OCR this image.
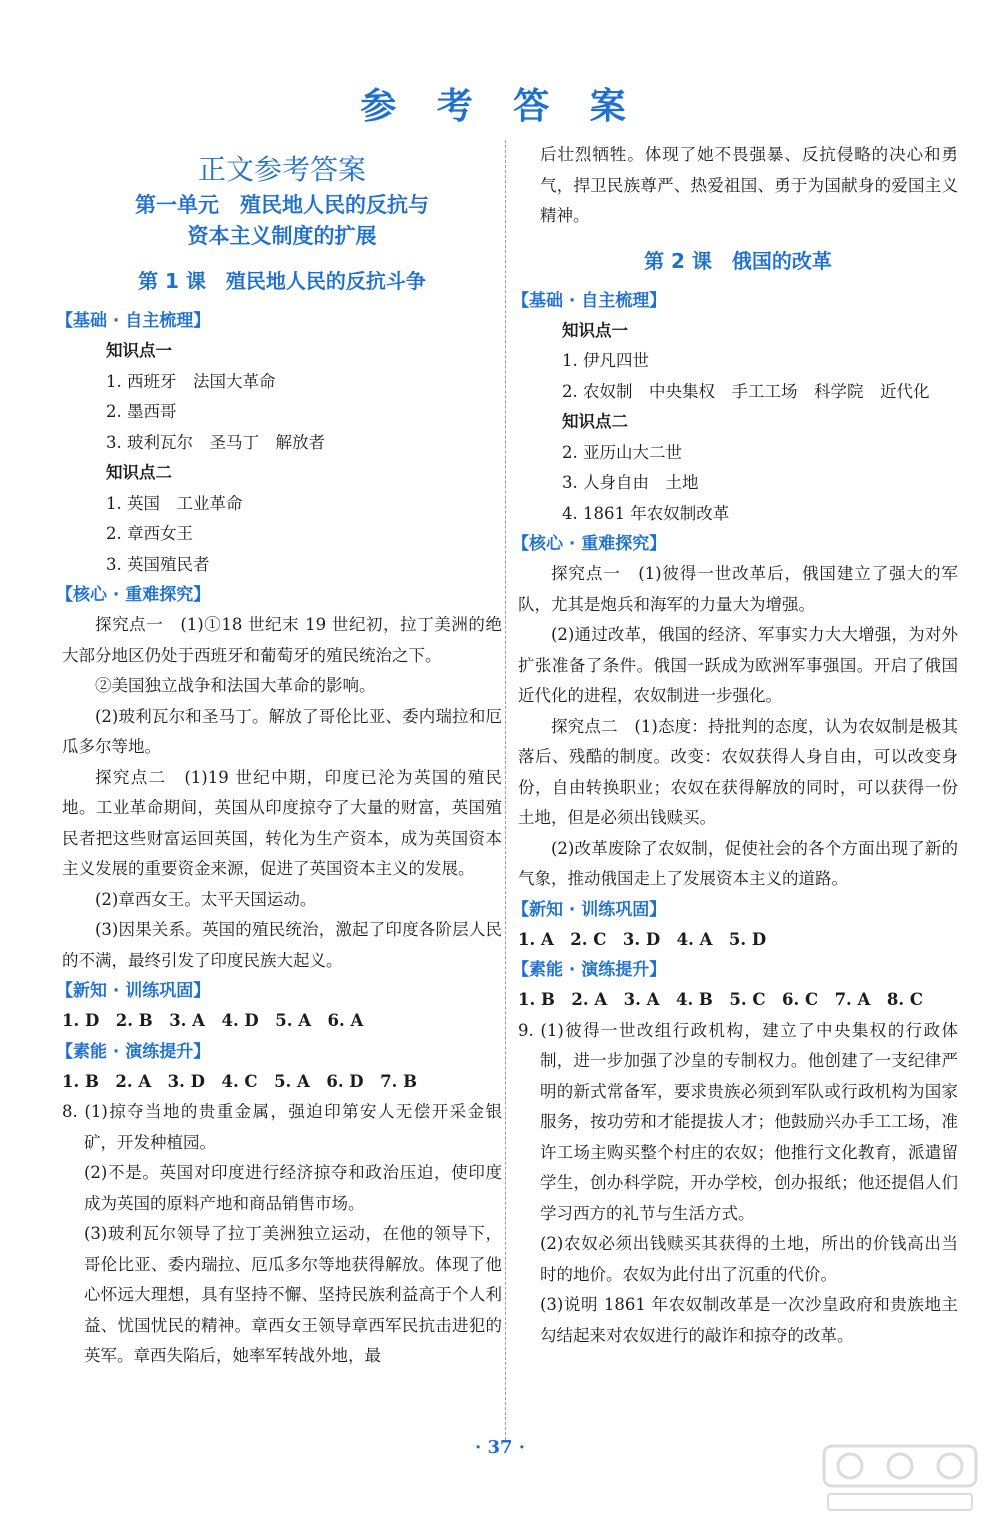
参 考 答 案
正文参考答案
第一单元　殖民地人民的反抗与
资本主义制度的扩展
第 1 课　殖民地人民的反抗斗争
【基础 · 自主梳理】
知识点一
1. 西班牙　法国大革命
2. 墨西哥
3. 玻利瓦尔　圣马丁　解放者
知识点二
1. 英国　工业革命
2. 章西女王
3. 英国殖民者
【核心 · 重难探究】
探究点一　(1)①18 世纪末 19 世纪初，拉丁美洲的绝大部分地区仍处于西班牙和葡萄牙的殖民统治之下。
②美国独立战争和法国大革命的影响。
(2)玻利瓦尔和圣马丁。解放了哥伦比亚、委内瑞拉和厄瓜多尔等地。
探究点二　(1)19 世纪中期，印度已沦为英国的殖民地。工业革命期间，英国从印度掠夺了大量的财富，英国殖民者把这些财富运回英国，转化为生产资本，成为英国资本主义发展的重要资金来源，促进了英国资本主义的发展。
(2)章西女王。太平天国运动。
(3)因果关系。英国的殖民统治，激起了印度各阶层人民的不满，最终引发了印度民族大起义。
【新知 · 训练巩固】
1. D　2. B　3. A　4. D　5. A　6. A
【素能 · 演练提升】
1. B　2. A　3. D　4. C　5. A　6. D　7. B
8. (1)掠夺当地的贵重金属，强迫印第安人无偿开采金银矿，开发种植园。
(2)不是。英国对印度进行经济掠夺和政治压迫，使印度成为英国的原料产地和商品销售市场。
(3)玻利瓦尔领导了拉丁美洲独立运动，在他的领导下，哥伦比亚、委内瑞拉、厄瓜多尔等地获得解放。体现了他心怀远大理想，具有坚持不懈、坚持民族利益高于个人利益、忧国忧民的精神。章西女王领导章西军民抗击进犯的英军。章西失陷后，她率军转战外地，最
后壮烈牺牲。体现了她不畏强暴、反抗侵略的决心和勇气，捍卫民族尊严、热爱祖国、勇于为国献身的爱国主义精神。
第 2 课　俄国的改革
【基础 · 自主梳理】
知识点一
1. 伊凡四世
2. 农奴制　中央集权　手工工场　科学院　近代化
知识点二
2. 亚历山大二世
3. 人身自由　土地
4. 1861 年农奴制改革
【核心 · 重难探究】
探究点一　(1)彼得一世改革后，俄国建立了强大的军队，尤其是炮兵和海军的力量大为增强。
(2)通过改革，俄国的经济、军事实力大大增强，为对外扩张准备了条件。俄国一跃成为欧洲军事强国。开启了俄国近代化的进程，农奴制进一步强化。
探究点二　(1)态度：持批判的态度，认为农奴制是极其落后、残酷的制度。改变：农奴获得人身自由，可以改变身份，自由转换职业；农奴在获得解放的同时，可以获得一份土地，但是必须出钱赎买。
(2)改革废除了农奴制，促使社会的各个方面出现了新的气象，推动俄国走上了发展资本主义的道路。
【新知 · 训练巩固】
1. A　2. C　3. D　4. A　5. D
【素能 · 演练提升】
1. B　2. A　3. A　4. B　5. C　6. C　7. A　8. C
9. (1)彼得一世改组行政机构，建立了中央集权的行政体制，进一步加强了沙皇的专制权力。他创建了一支纪律严明的新式常备军，要求贵族必须到军队或行政机构为国家服务，按功劳和才能提拔人才；他鼓励兴办手工工场，准许工场主购买整个村庄的农奴；他推行文化教育，派遣留学生，创办科学院，开办学校，创办报纸；他还提倡人们学习西方的礼节与生活方式。
(2)农奴必须出钱赎买其获得的土地，所出的价钱高出当时的地价。农奴为此付出了沉重的代价。
(3)说明 1861 年农奴制改革是一次沙皇政府和贵族地主勾结起来对农奴进行的敲诈和掠夺的改革。
· 37 ·
